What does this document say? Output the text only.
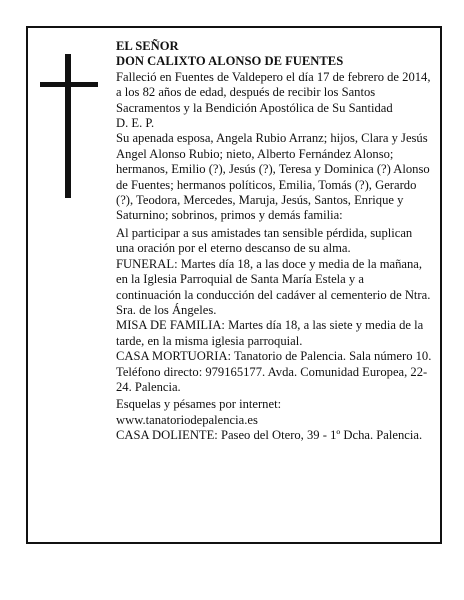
EL SEÑOR

DON CALIXTO ALONSO DE FUENTES

Falleció en Fuentes de Valdepero el día 17 de febrero de 2014, a los 82 años de edad, después de recibir los Santos Sacramentos y la Bendición Apostólica de Su Santidad

D. E. P.

Su apenada esposa, Angela Rubio Arranz; hijos, Clara y Jesús Angel Alonso Rubio; nieto, Alberto Fernández Alonso; hermanos, Emilio (?), Jesús (?), Teresa y Dominica (?) Alonso de Fuentes; hermanos políticos, Emilia, Tomás (?), Gerardo (?), Teodora, Mercedes, Maruja, Jesús, Santos, Enrique y Saturnino; sobrinos, primos y demás familia:

Al participar a sus amistades tan sensible pérdida, suplican una oración por el eterno descanso de su alma.

FUNERAL: Martes día 18, a las doce y media de la mañana, en la Iglesia Parroquial de Santa María Estela y a continuación la conducción del cadáver al cementerio de Ntra. Sra. de los Ángeles.

MISA DE FAMILIA: Martes día 18, a las siete y media de la tarde, en la misma iglesia parroquial.

CASA MORTUORIA: Tanatorio de Palencia. Sala número 10. Teléfono directo: 979165177. Avda. Comunidad Europea, 22-24. Palencia.

Esquelas y pésames por internet:

www.tanatoriodepalencia.es

CASA DOLIENTE: Paseo del Otero, 39 - 1º Dcha. Palencia.
